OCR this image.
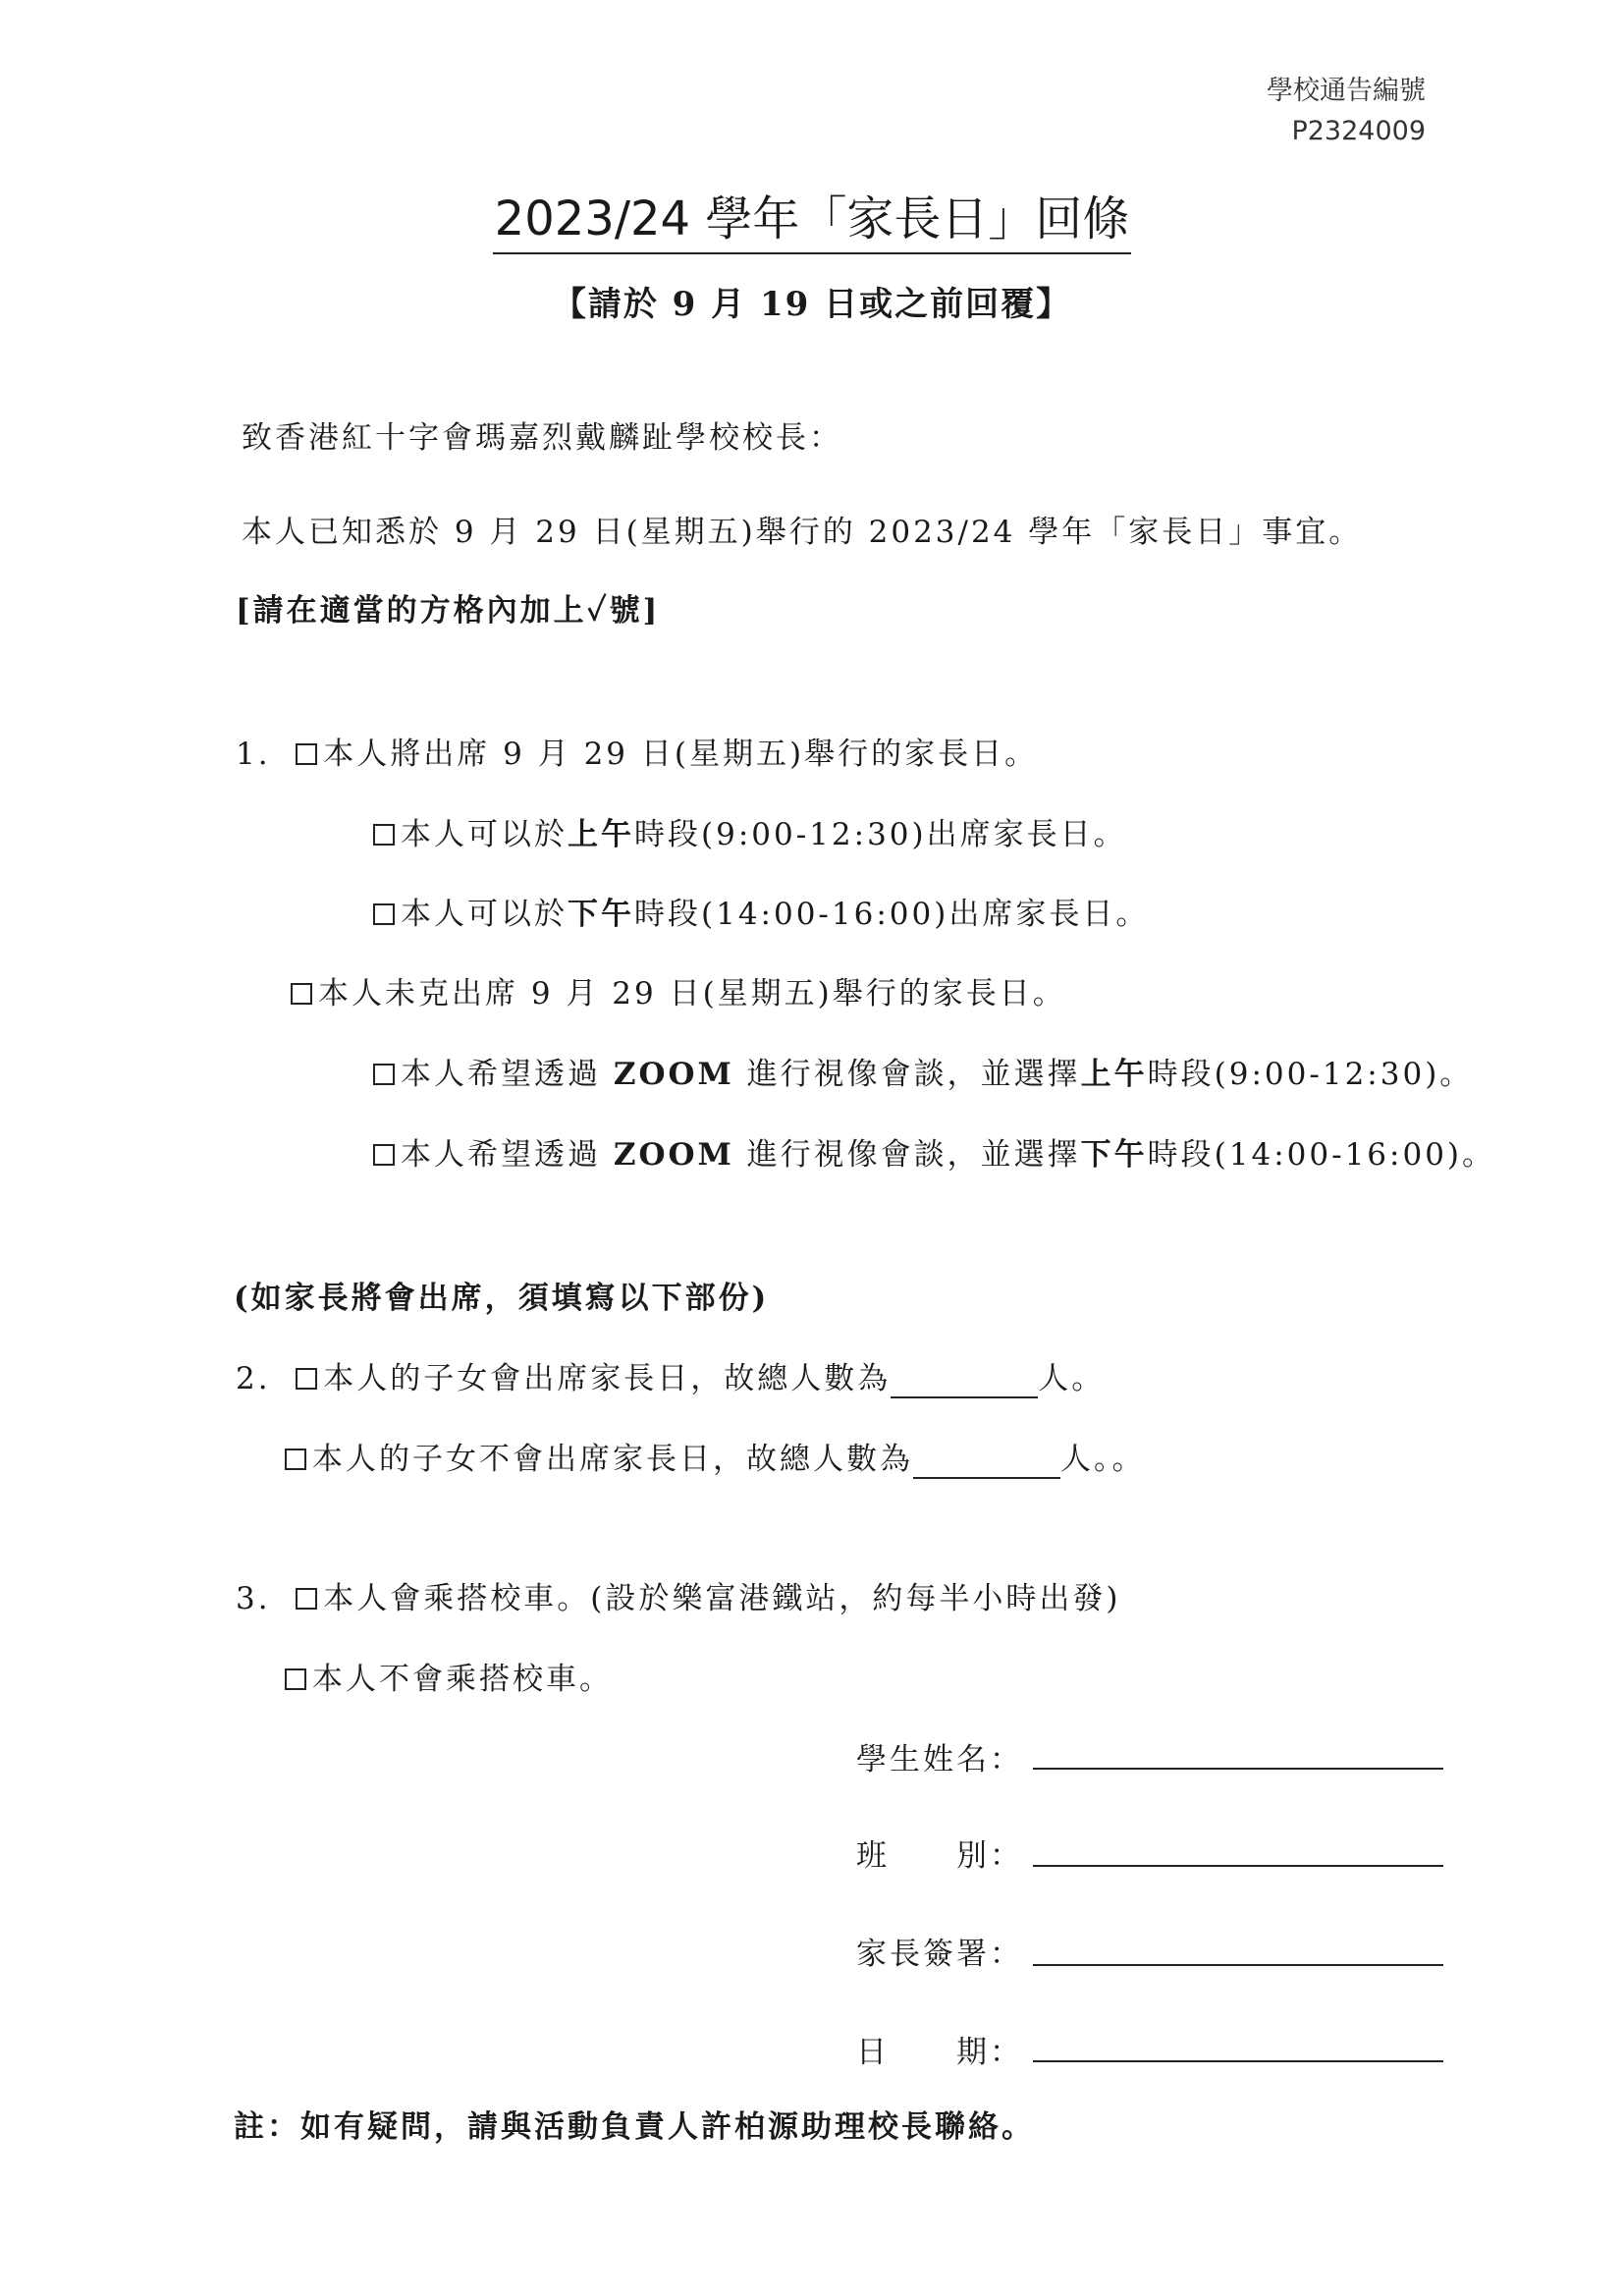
學校通告編號
P2324009
2023/24 學年「家長日」回條
【請於 9 月 19 日或之前回覆】
致香港紅十字會瑪嘉烈戴麟趾學校校長：
本人已知悉於 9 月 29 日(星期五)舉行的 2023/24 學年「家長日」事宜。
[請在適當的方格內加上✓號]
1. 本人將出席 9 月 29 日(星期五)舉行的家長日。
本人可以於上午時段(9:00-12:30)出席家長日。
本人可以於下午時段(14:00-16:00)出席家長日。
本人未克出席 9 月 29 日(星期五)舉行的家長日。
本人希望透過 ZOOM 進行視像會談，並選擇上午時段(9:00-12:30)。
本人希望透過 ZOOM 進行視像會談，並選擇下午時段(14:00-16:00)。
(如家長將會出席，須填寫以下部份)
2. 本人的子女會出席家長日，故總人數為	人。
本人的子女不會出席家長日，故總人數為	人。。
3. 本人會乘搭校車。(設於樂富港鐵站，約每半小時出發)
本人不會乘搭校車。
學生姓名：
班　　別：
家長簽署：
日　　期：
註：如有疑問，請與活動負責人許柏源助理校長聯絡。
